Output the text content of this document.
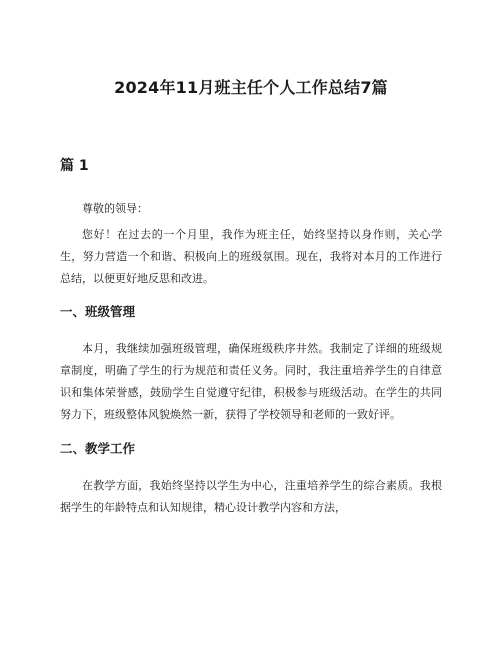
2024年11月班主任个人工作总结7篇
篇 1

尊敬的领导：

您好！在过去的一个月里，我作为班主任，始终坚持以身作则，关心学生，努力营造一个和谐、积极向上的班级氛围。现在，我将对本月的工作进行总结，以便更好地反思和改进。

一、班级管理

本月，我继续加强班级管理，确保班级秩序井然。我制定了详细的班级规章制度，明确了学生的行为规范和责任义务。同时，我注重培养学生的自律意识和集体荣誉感，鼓励学生自觉遵守纪律，积极参与班级活动。在学生的共同努力下，班级整体风貌焕然一新，获得了学校领导和老师的一致好评。

二、教学工作

在教学方面，我始终坚持以学生为中心，注重培养学生的综合素质。我根据学生的年龄特点和认知规律，精心设计教学内容和方法，
